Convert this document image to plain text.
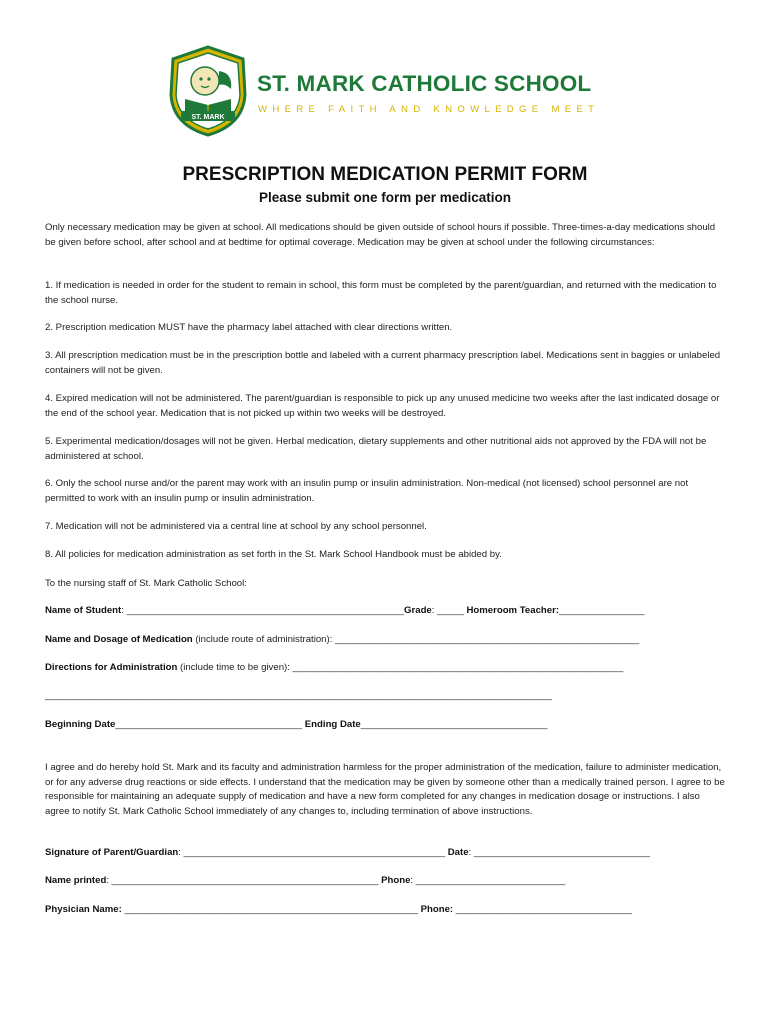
ST. MARK
ST. MARK CATHOLIC SCHOOL
WHERE FAITH AND KNOWLEDGE MEET
PRESCRIPTION MEDICATION PERMIT FORM
Please submit one form per medication

Only necessary medication may be given at school. All medications should be given outside of school hours if possible. Three-times-a-day medications should be given before school, after school and at bedtime for optimal coverage. Medication may be given at school under the following circumstances:

1. If medication is needed in order for the student to remain in school, this form must be completed by the parent/guardian, and returned with the medication to the school nurse.

2. Prescription medication MUST have the pharmacy label attached with clear directions written.

3. All prescription medication must be in the prescription bottle and labeled with a current pharmacy prescription label. Medications sent in baggies or unlabeled containers will not be given.

4. Expired medication will not be administered. The parent/guardian is responsible to pick up any unused medicine two weeks after the last indicated dosage or the end of the school year. Medication that is not picked up within two weeks will be destroyed.

5. Experimental medication/dosages will not be given. Herbal medication, dietary supplements and other nutritional aids not approved by the FDA will not be administered at school.

6. Only the school nurse and/or the parent may work with an insulin pump or insulin administration. Non-medical (not licensed) school personnel are not permitted to work with an insulin pump or insulin administration.

7. Medication will not be administered via a central line at school by any school personnel.

8. All policies for medication administration as set forth in the St. Mark School Handbook must be abided by.

To the nursing staff of St. Mark Catholic School:

Name of Student: ____________________________________________________Grade: _____ Homeroom Teacher:________________
Name and Dosage of Medication (include route of administration): _________________________________________________________
Directions for Administration (include time to be given): ______________________________________________________________
_______________________________________________________________________________________________
Beginning Date___________________________________ Ending Date___________________________________

I agree and do hereby hold St. Mark and its faculty and administration harmless for the proper administration of the medication, failure to administer medication, or for any adverse drug reactions or side effects. I understand that the medication may be given by someone other than a medically trained person. I agree to be responsible for maintaining an adequate supply of medication and have a new form completed for any changes in medication dosage or instructions. I also agree to notify St. Mark Catholic School immediately of any changes to, including termination of above instructions.

Signature of Parent/Guardian: _________________________________________________ Date: _________________________________
Name printed: __________________________________________________ Phone: ____________________________
Physician Name: _______________________________________________________ Phone: _________________________________
